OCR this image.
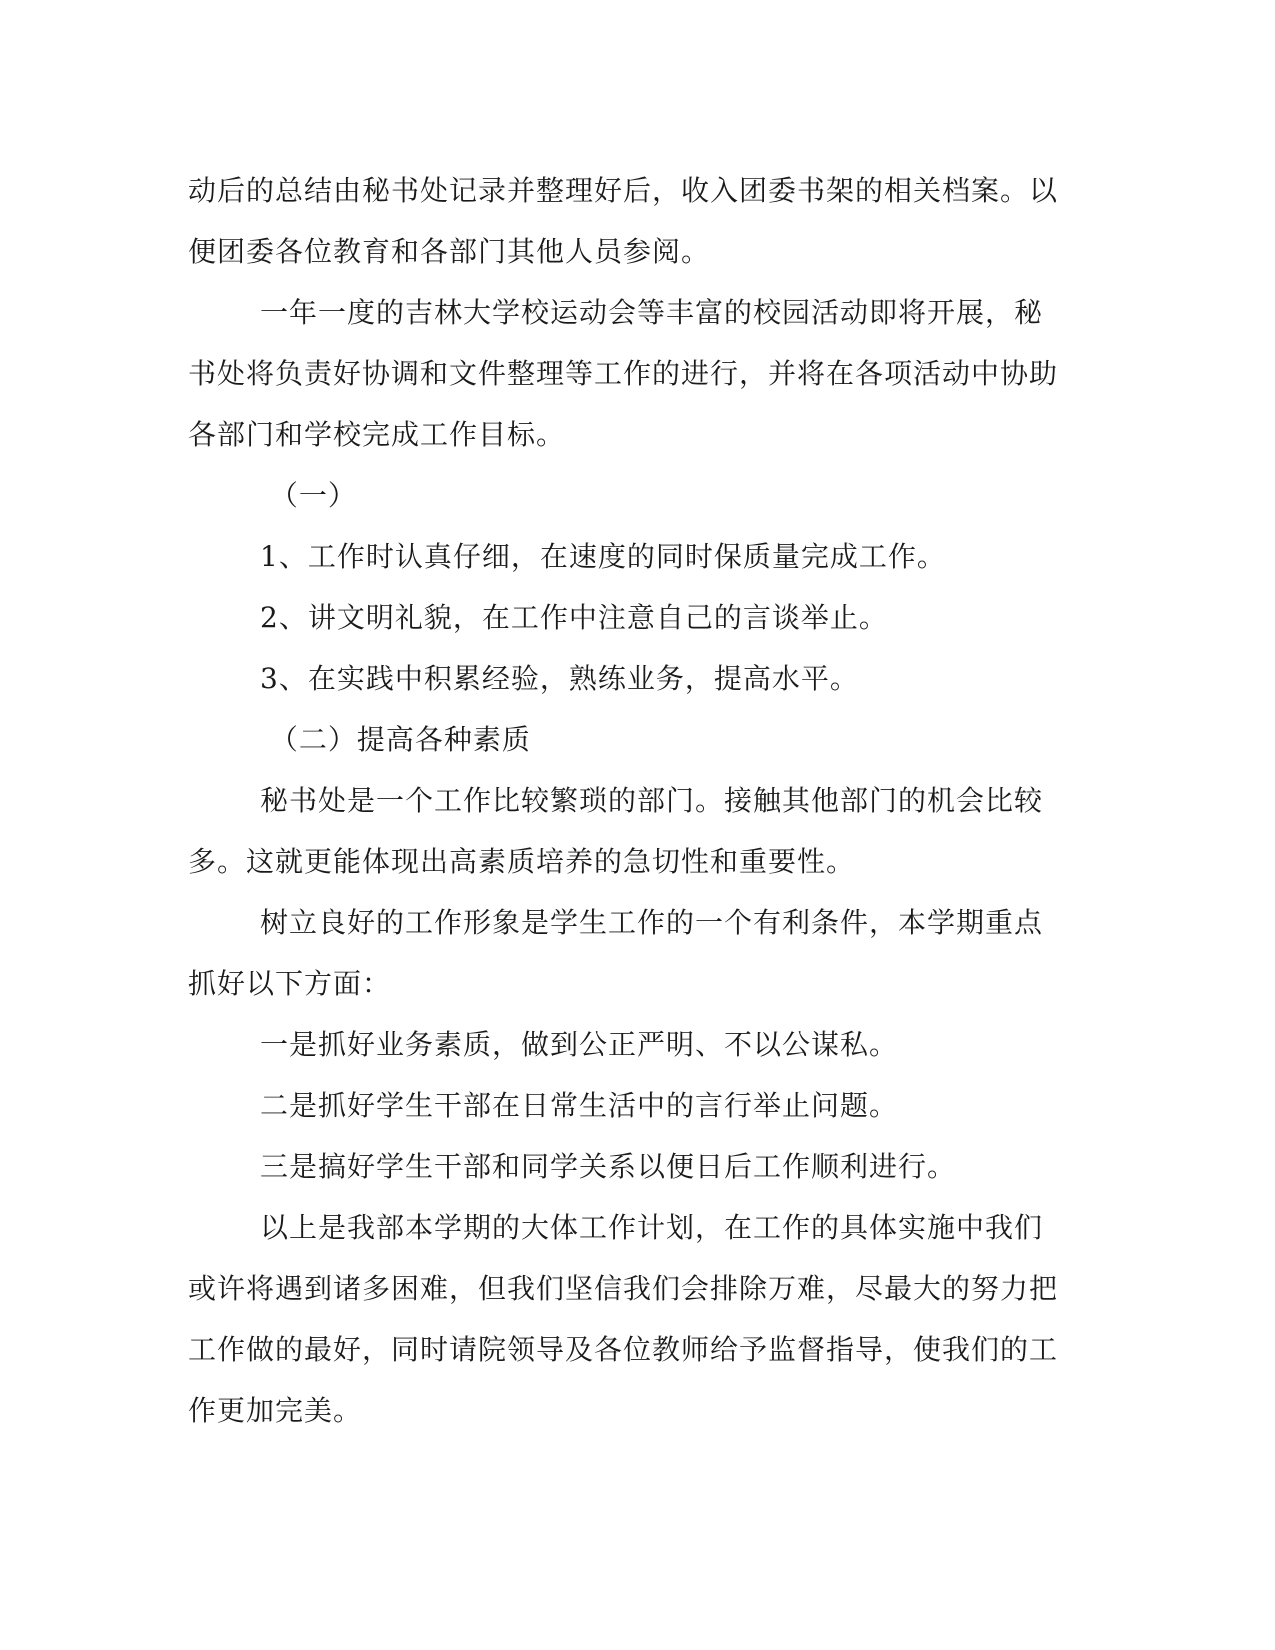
动后的总结由秘书处记录并整理好后，收入团委书架的相关档案。以便团委各位教育和各部门其他人员参阅。

一年一度的吉林大学校运动会等丰富的校园活动即将开展，秘书处将负责好协调和文件整理等工作的进行，并将在各项活动中协助各部门和学校完成工作目标。

（一）

1、工作时认真仔细，在速度的同时保质量完成工作。

2、讲文明礼貌，在工作中注意自己的言谈举止。

3、在实践中积累经验，熟练业务，提高水平。

（二）提高各种素质

秘书处是一个工作比较繁琐的部门。接触其他部门的机会比较多。这就更能体现出高素质培养的急切性和重要性。

树立良好的工作形象是学生工作的一个有利条件，本学期重点抓好以下方面：

一是抓好业务素质，做到公正严明、不以公谋私。

二是抓好学生干部在日常生活中的言行举止问题。

三是搞好学生干部和同学关系以便日后工作顺利进行。

以上是我部本学期的大体工作计划，在工作的具体实施中我们或许将遇到诸多困难，但我们坚信我们会排除万难，尽最大的努力把工作做的最好，同时请院领导及各位教师给予监督指导，使我们的工作更加完美。
